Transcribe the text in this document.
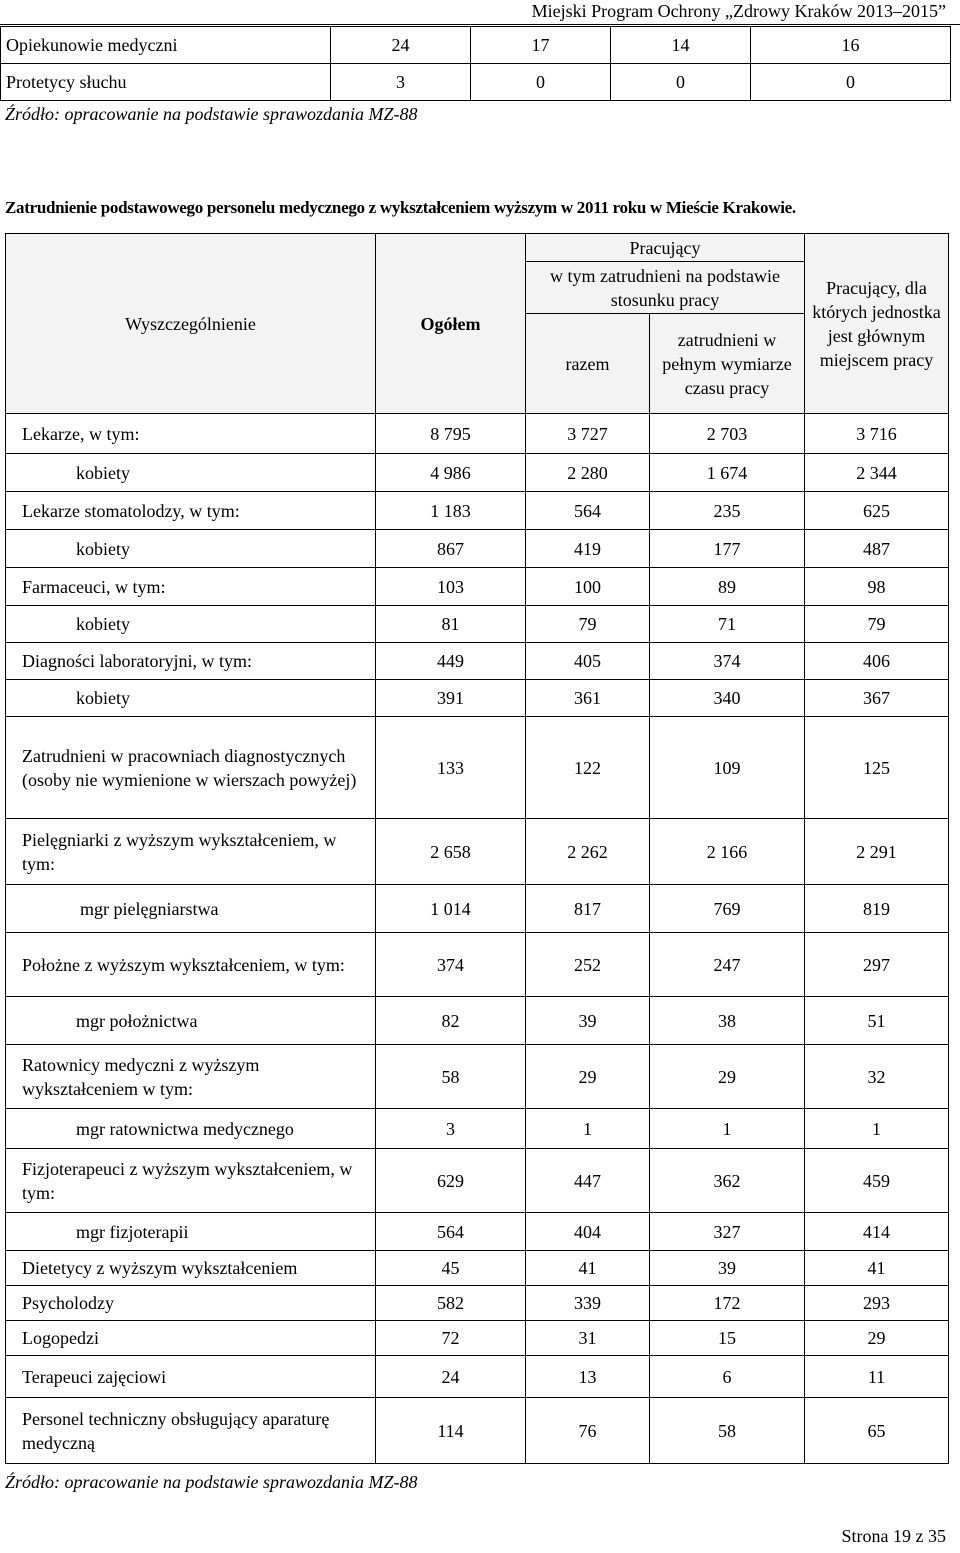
Miejski Program Ochrony „Zdrowy Kraków 2013–2015”
Opiekunowie medyczni	24	17	14	16
Protetycy słuchu	3	0	0	0
Źródło: opracowanie na podstawie sprawozdania MZ-88
Zatrudnienie podstawowego personelu medycznego z wykształceniem wyższym w 2011 roku w Mieście Krakowie.
Wyszczególnienie	Ogółem	Pracujący		Pracujący, dla których jednostka jest głównym miejscem pracy
		w tym zatrudnieni na podstawie stosunku pracy		
		razem	zatrudnieni w pełnym wymiarze czasu pracy	
Lekarze, w tym:	8 795	3 727	2 703	3 716
kobiety	4 986	2 280	1 674	2 344
Lekarze stomatolodzy, w tym:	1 183	564	235	625
kobiety	867	419	177	487
Farmaceuci, w tym:	103	100	89	98
kobiety	81	79	71	79
Diagności laboratoryjni, w tym:	449	405	374	406
kobiety	391	361	340	367
Zatrudnieni w pracowniach diagnostycznych (osoby nie wymienione w wierszach powyżej)	133	122	109	125
Pielęgniarki z wyższym wykształceniem, w tym:	2 658	2 262	2 166	2 291
mgr pielęgniarstwa	1 014	817	769	819
Położne z wyższym wykształceniem, w tym:	374	252	247	297
mgr położnictwa	82	39	38	51
Ratownicy medyczni z wyższym wykształceniem w tym:	58	29	29	32
mgr ratownictwa medycznego	3	1	1	1
Fizjoterapeuci z wyższym wykształceniem, w tym:	629	447	362	459
mgr fizjoterapii	564	404	327	414
Dietetycy z wyższym wykształceniem	45	41	39	41
Psycholodzy	582	339	172	293
Logopedzi	72	31	15	29
Terapeuci zajęciowi	24	13	6	11
Personel techniczny obsługujący aparaturę medyczną	114	76	58	65
Źródło: opracowanie na podstawie sprawozdania MZ-88
Strona 19 z 35
